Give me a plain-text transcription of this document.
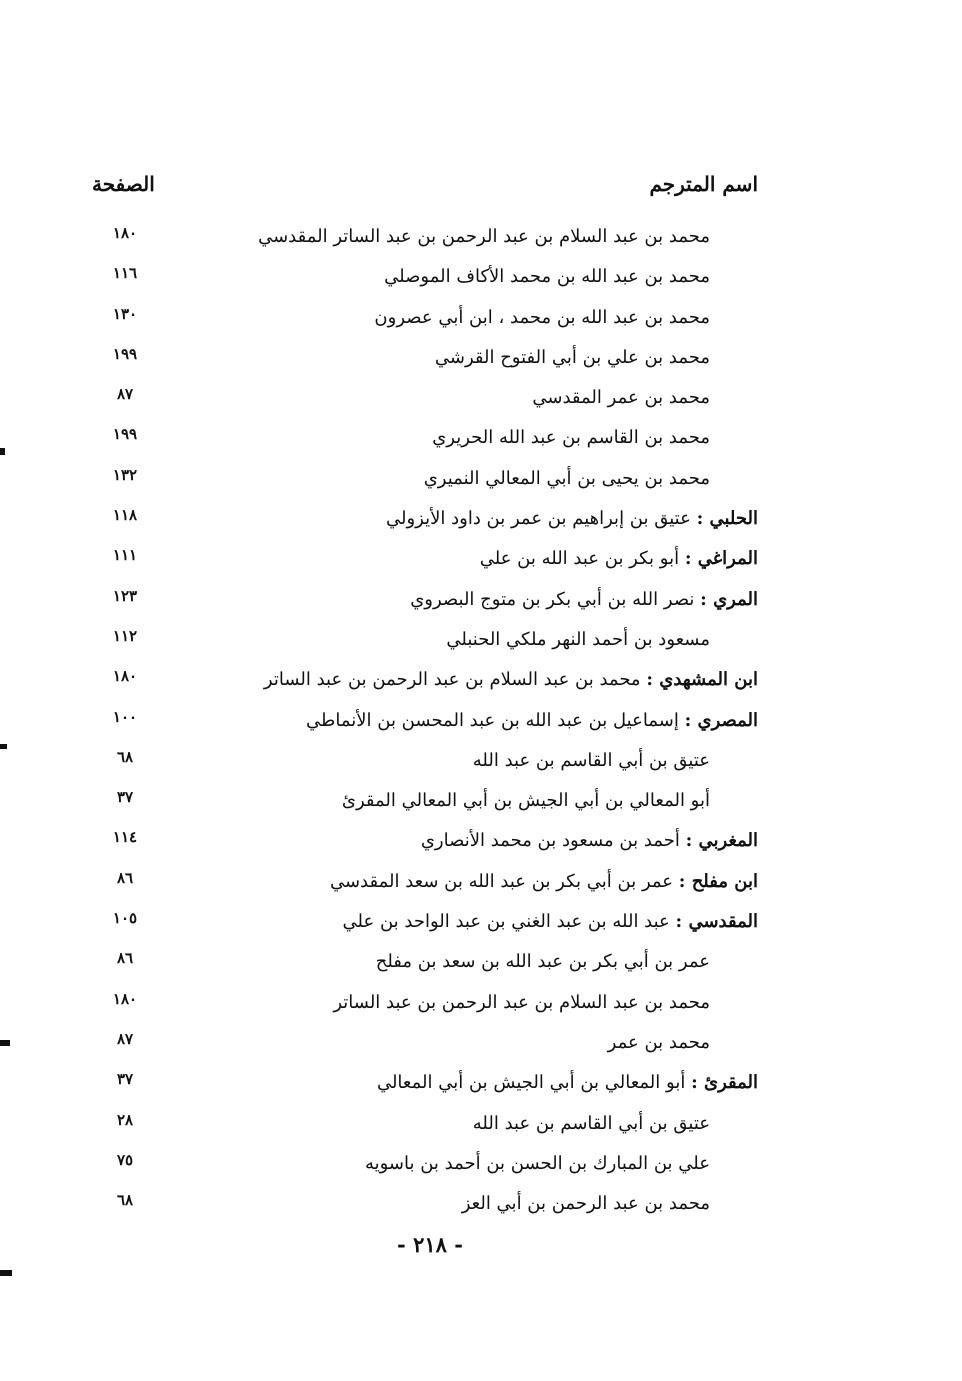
اسم المترجم
الصفحة
محمد بن عبد السلام بن عبد الرحمن بن عبد الساتر المقدسي
١٨٠
محمد بن عبد الله بن محمد الأكاف الموصلي
١١٦
محمد بن عبد الله بن محمد ، ابن أبي عصرون
١٣٠
محمد بن علي بن أبي الفتوح القرشي
١٩٩
محمد بن عمر المقدسي
٨٧
محمد بن القاسم بن عبد الله الحريري
١٩٩
محمد بن يحيى بن أبي المعالي النميري
١٣٢
الحلبي : عتيق بن إبراهيم بن عمر بن داود الأيزولي
١١٨
المراغي : أبو بكر بن عبد الله بن علي
١١١
المري : نصر الله بن أبي بكر بن متوج البصروي
١٢٣
مسعود بن أحمد النهر ملكي الحنبلي
١١٢
ابن المشهدي : محمد بن عبد السلام بن عبد الرحمن بن عبد الساتر
١٨٠
المصري : إسماعيل بن عبد الله بن عبد المحسن بن الأنماطي
١٠٠
عتيق بن أبي القاسم بن عبد الله
٦٨
أبو المعالي بن أبي الجيش بن أبي المعالي المقرئ
٣٧
المغربي : أحمد بن مسعود بن محمد الأنصاري
١١٤
ابن مفلح : عمر بن أبي بكر بن عبد الله بن سعد المقدسي
٨٦
المقدسي : عبد الله بن عبد الغني بن عبد الواحد بن علي
١٠٥
عمر بن أبي بكر بن عبد الله بن سعد بن مفلح
٨٦
محمد بن عبد السلام بن عبد الرحمن بن عبد الساتر
١٨٠
محمد بن عمر
٨٧
المقرئ : أبو المعالي بن أبي الجيش بن أبي المعالي
٣٧
عتيق بن أبي القاسم بن عبد الله
٢٨
علي بن المبارك بن الحسن بن أحمد بن باسويه
٧٥
محمد بن عبد الرحمن بن أبي العز
٦٨
- ٢١٨ -
